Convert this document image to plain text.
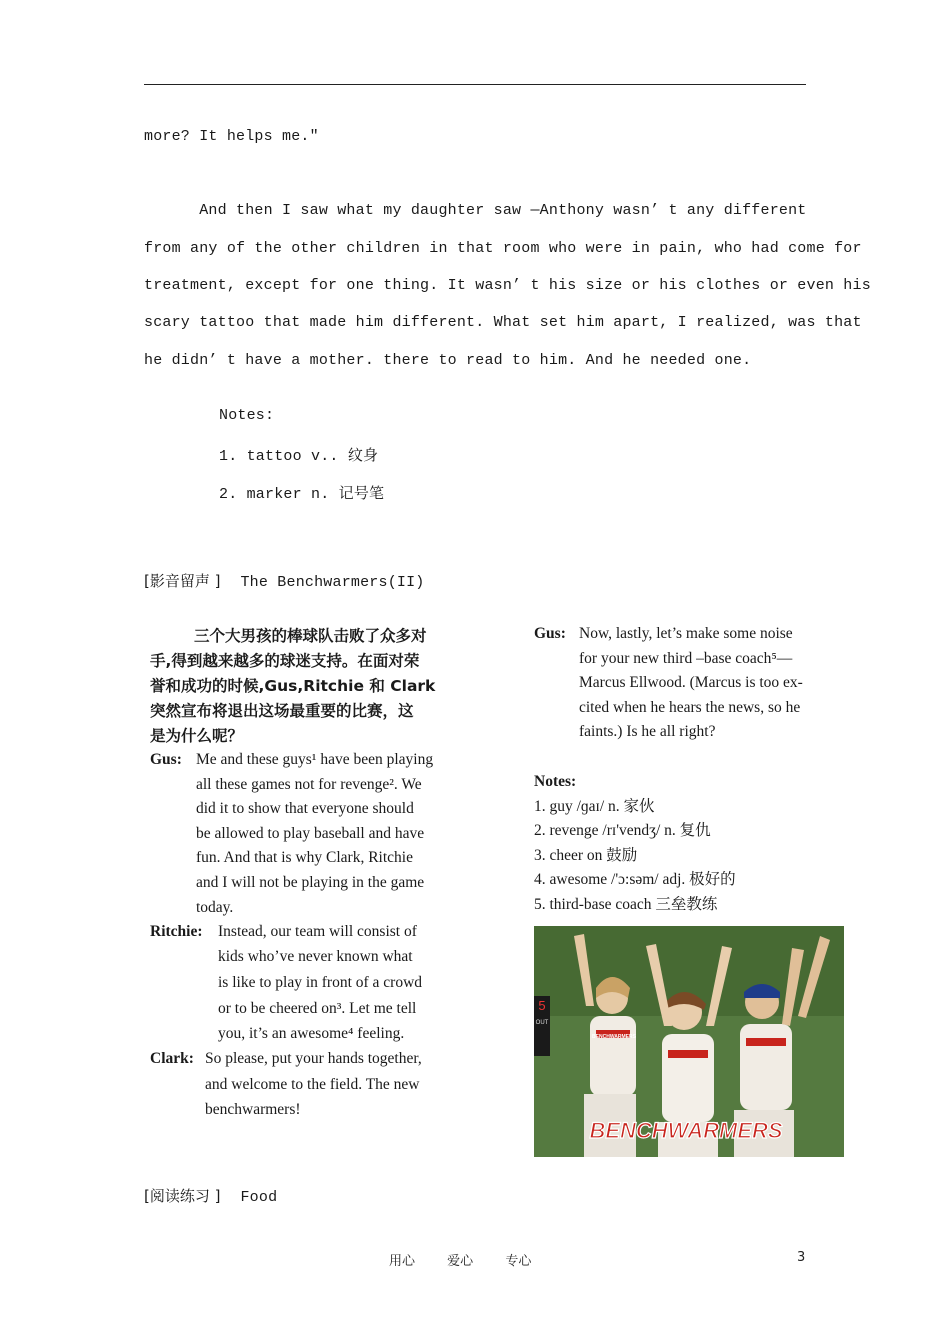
more? It helps me."
And then I saw what my daughter saw —Anthony wasn’ t any different
from any of the other children in that room who were in pain, who had come for
treatment, except for one thing. It wasn’ t his size or his clothes or even his
scary tattoo that made him different. What set him apart, I realized, was that
he didn’ t have a mother. there to read to him. And he needed one.
Notes:
1. tattoo v.. 纹身
2. marker n. 记号笔
[影音留声 ] The Benchwarmers(II)
三个大男孩的棒球队击败了众多对
手,得到越来越多的球迷支持。在面对荣
誉和成功的时候,Gus,Ritchie 和 Clark
突然宣布将退出这场最重要的比赛，这
是为什么呢？
Gus: Me and these guys¹ have been playing
all these games not for revenge². We
did it to show that everyone should
be allowed to play baseball and have
fun. And that is why Clark, Ritchie
and I will not be playing in the game
today.
Ritchie: Instead, our team will consist of
kids who’ve never known what
is like to play in front of a crowd
or to be cheered on³. Let me tell
you, it’s an awesome⁴ feeling.
Clark: So please, put your hands together,
and welcome to the field. The new
benchwarmers!
Gus: Now, lastly, let’s make some noise
for your new third –base coach⁵—
Marcus Ellwood. (Marcus is too ex-
cited when he hears the news, so he
faints.) Is he all right?
Notes:
1. guy /ɡaɪ/ n. 家伙
2. revenge /rɪ'vendʒ/ n. 复仇
3. cheer on 鼓励
4. awesome /'ɔ:səm/ adj. 极好的
5. third-base coach 三垒教练
5
OUT
BENCHWARMERS
BENCHWARMERS
[阅读练习 ] Food
用心 爱心 专心	3
